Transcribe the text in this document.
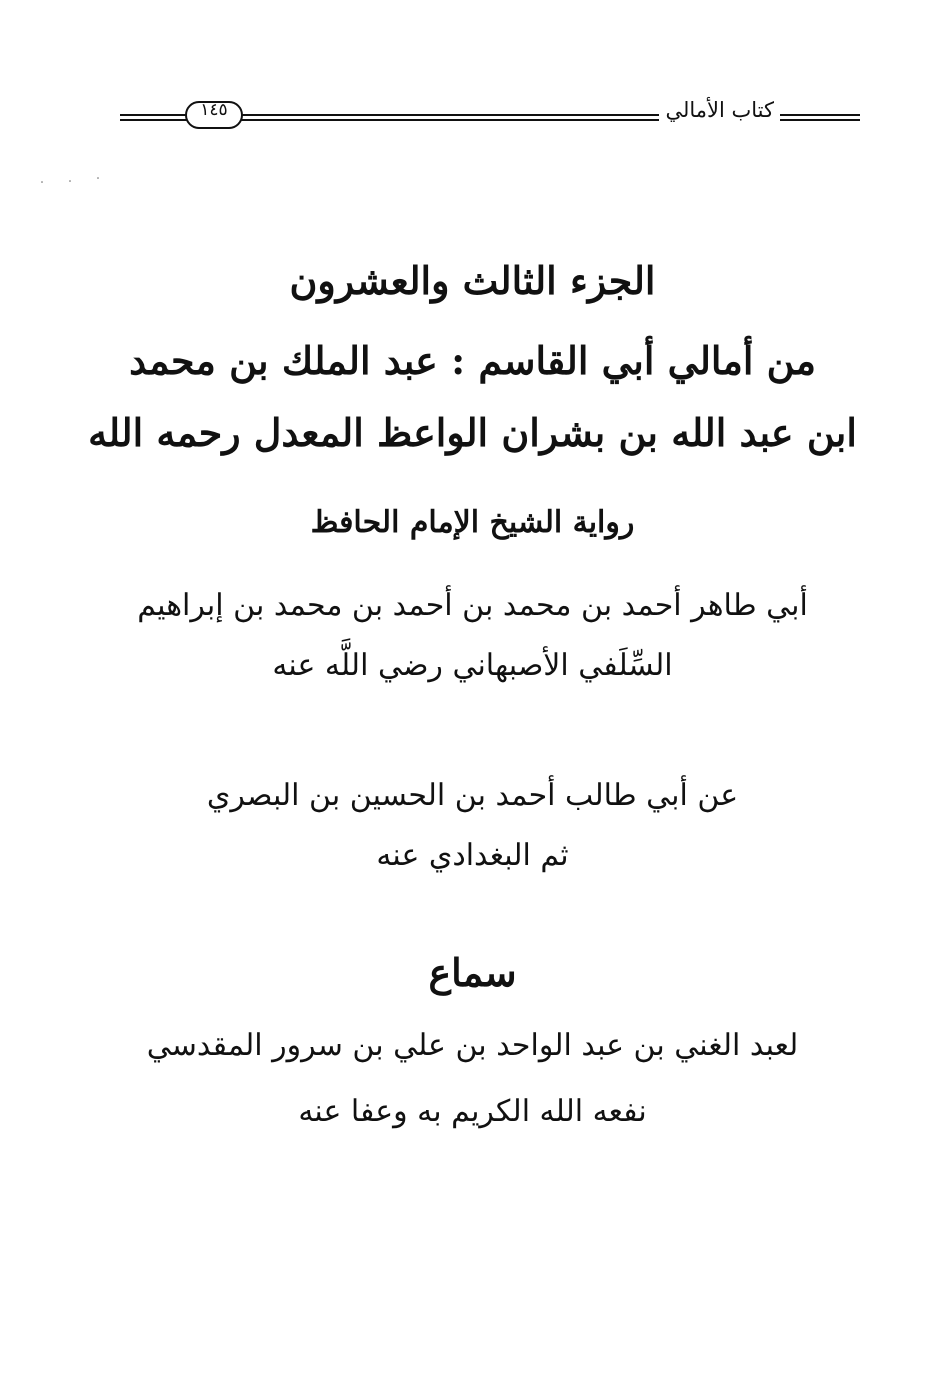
كتاب الأمالي
١٤٥
الجزء الثالث والعشرون
من أمالي أبي القاسم : عبد الملك بن محمد
ابن عبد الله بن بشران الواعظ المعدل رحمه الله
رواية الشيخ الإمام الحافظ
أبي طاهر أحمد بن محمد بن أحمد بن محمد بن إبراهيم
السِّلَفي الأصبهاني رضي اللَّه عنه
عن أبي طالب أحمد بن الحسين بن البصري
ثم البغدادي عنه
سماع
لعبد الغني بن عبد الواحد بن علي بن سرور المقدسي
نفعه الله الكريم به وعفا عنه
